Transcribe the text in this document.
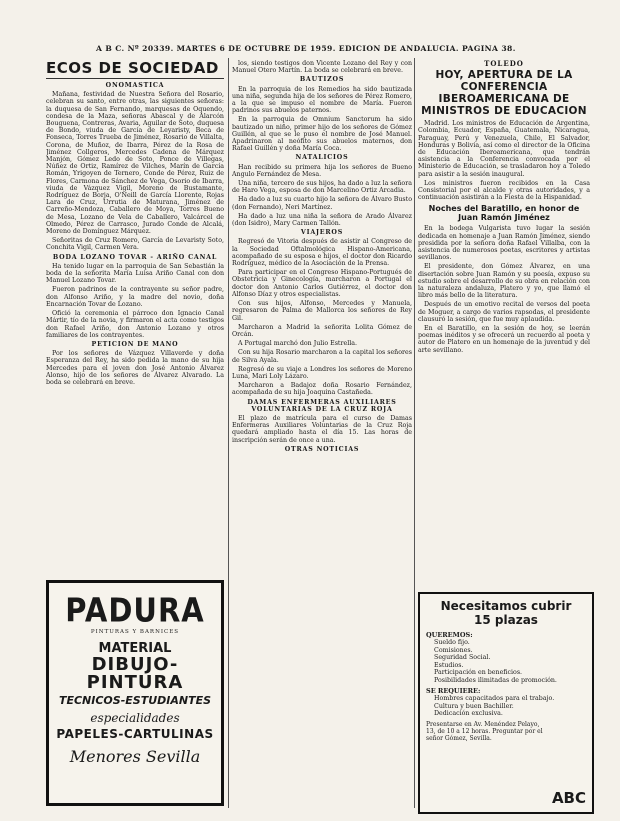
A B C. Nº 20339. MARTES 6 DE OCTUBRE DE 1959. EDICION DE ANDALUCIA. PAGINA 38.
ECOS DE SOCIEDAD
ONOMASTICA

Mañana, festividad de Nuestra Señora del Rosario, celebran su santo, entre otras, las siguientes señoras: la duquesa de San Fernando, marquesas de Oquendo, condesa de la Maza, señoras Abascal y de Alarcón Bouguena, Contreras, Avaria, Aguilar de Soto, duquesa de Bondo, viuda de García de Leyaristy, Beca de Fonseca, Torres Trueba de Jiménez, Rosario de Villalta, Corona, de Muñoz, de Ibarra, Pérez de la Rosa de Jiménez Collgeros, Mercedes Cadena de Márquez Manjón, Gómez Ledo de Soto, Ponce de Villegas, Núñez de Ortiz, Ramírez de Vilches, Marín de García Román, Yrigoyen de Ternero, Conde de Pérez, Ruiz de Flores, Carmona de Sánchez de Vega, Osorio de Ibarra, viuda de Vázquez Vigil, Moreno de Bustamante, Rodríguez de Borja, O'Neill de García Llorente, Rojas Lara de Cruz, Urrutia de Maturana, Jiménez de Carreño-Mendoza, Caballero de Moya, Torres Bueno de Mesa, Lozano de Vela de Caballero, Valcárcel de Olmedo, Pérez de Carrasco, Jurado Conde de Alcalá, Moreno de Domínguez Márquez.

Señoritas de Cruz Romero, García de Levaristy Soto, Conchita Vigil, Carmen Vera.

BODA LOZANO TOVAR - ARIÑO CANAL

Ha tenido lugar en la parroquia de San Sebastián la boda de la señorita María Luisa Ariño Canal con don Manuel Lozano Tovar.

Fueron padrinos de la contrayente su señor padre, don Alfonso Ariño, y la madre del novio, doña Encarnación Tovar de Lozano.

Ofició la ceremonia el párroco don Ignacio Canal Mártir, tío de la novia, y firmaron el acta como testigos don Rafael Ariño, don Antonio Lozano y otros familiares de los contrayentes.

PETICION DE MANO

Por los señores de Vázquez Villaverde y doña Esperanza del Rey, ha sido pedida la mano de su hija Mercedes para el joven don José Antonio Álvarez Alonso, hijo de los señores de Álvarez Alvarado. La boda se celebrará en breve.

PADURA
PINTURAS Y BARNICES
MATERIAL
DIBUJO-PINTURA
TECNICOS-ESTUDIANTES
especialidades
PAPELES-CARTULINAS
Menores Sevilla

los, siendo testigos don Vicente Lozano del Rey y con Manuel Otero Martín. La boda se celebrará en breve.

BAUTIZOS

En la parroquia de los Remedios ha sido bautizada una niña, segunda hija de los señores de Pérez Romero, a la que se impuso el nombre de María. Fueron padrinos sus abuelos paternos.

En la parroquia de Omnium Sanctorum ha sido bautizado un niño, primer hijo de los señores de Gómez Guillén, al que se le puso el nombre de José Manuel. Apadrinaron al neófito sus abuelos maternos, don Rafael Guillén y doña María Coca.

NATALICIOS

Han recibido su primera hija los señores de Bueno Angulo Fernández de Mesa.

Una niña, tercero de sus hijos, ha dado a luz la señora de Haro Vega, esposa de don Marcelino Ortiz Arcadia.

Ha dado a luz su cuarto hijo la señora de Álvaro Busto (don Fernando), Neri Martínez.

Ha dado a luz una niña la señora de Arado Álvarez (don Isidro), Mary Carmen Tallón.

VIAJEROS

Regresó de Vitoria después de asistir al Congreso de la Sociedad Oftalmológica Hispano-Americana, acompañado de su esposa e hijos, el doctor don Ricardo Rodríguez, médico de la Asociación de la Prensa.

Para participar en el Congreso Hispano-Portugués de Obstetricia y Ginecología, marcharon a Portugal el doctor don Antonio Carlos Gutiérrez, el doctor don Alfonso Díaz y otros especialistas.

Con sus hijos, Alfonso, Mercedes y Manuela, regresaron de Palma de Mallorca los señores de Rey Gil.

Marcharon a Madrid la señorita Lolita Gómez de Orcán.

A Portugal marchó don Julio Estrella.

Con su hija Rosario marcharon a la capital los señores de Silva Ayala.

Regresó de su viaje a Londres los señores de Moreno Luna, Mari Loly Lázaro.

Marcharon a Badajoz doña Rosario Fernández, acompañada de su hija Joaquina Castañeda.

DAMAS ENFERMERAS AUXILIARES VOLUNTARIAS DE LA CRUZ ROJA

El plazo de matrícula para el curso de Damas Enfermeras Auxiliares Voluntarias de la Cruz Roja quedará ampliado hasta el día 15. Las horas de inscripción serán de once a una.

OTRAS NOTICIAS
TOLEDO
HOY, APERTURA DE LA CONFERENCIA IBEROAMERICANA DE MINISTROS DE EDUCACION

Madrid. Los ministros de Educación de Argentina, Colombia, Ecuador, España, Guatemala, Nicaragua, Paraguay, Perú y Venezuela, Chile, El Salvador, Honduras y Bolivia, así como el director de la Oficina de Educación Iberoamericana, que tendrán asistencia a la Conferencia convocada por el Ministerio de Educación, se trasladaron hoy a Toledo para asistir a la sesión inaugural.

Los ministros fueron recibidos en la Casa Consistorial por el alcalde y otras autoridades, y a continuación asistirán a la Fiesta de la Hispanidad.

Noches del Baratillo, en honor de Juan Ramón Jiménez

En la bodega Vulgarista tuvo lugar la sesión dedicada en homenaje a Juan Ramón Jiménez, siendo presidida por la señora doña Rafael Villalba, con la asistencia de numerosos poetas, escritores y artistas sevillanos.

El presidente, don Gómez Álvarez, en una disertación sobre Juan Ramón y su poesía, expuso su estudio sobre el desarrollo de su obra en relación con la naturaleza andaluza, Platero y yo, que llamó el libro más bello de la literatura.

Después de un emotivo recital de versos del poeta de Moguer, a cargo de varios rapsodas, el presidente clausuró la sesión, que fue muy aplaudida.

En el Baratillo, en la sesión de hoy, se leerán poemas inéditos y se ofrecerá un recuerdo al poeta y autor de Platero en un homenaje de la juventud y del arte sevillano.

Necesitamos cubrir
15 plazas
QUEREMOS:
Sueldo fijo.
Comisiones.
Seguridad Social.
Estudios.
Participación en beneficios.
Posibilidades ilimitadas de promoción.
SE REQUIERE:
Hombres capacitados para el trabajo.
Cultura y buen Bachiller.
Dedicación exclusiva.
Presentarse en Av. Menéndez Pelayo, 13, de 10 a 12 horas. Preguntar por el señor Gómez, Sevilla.
ABC
